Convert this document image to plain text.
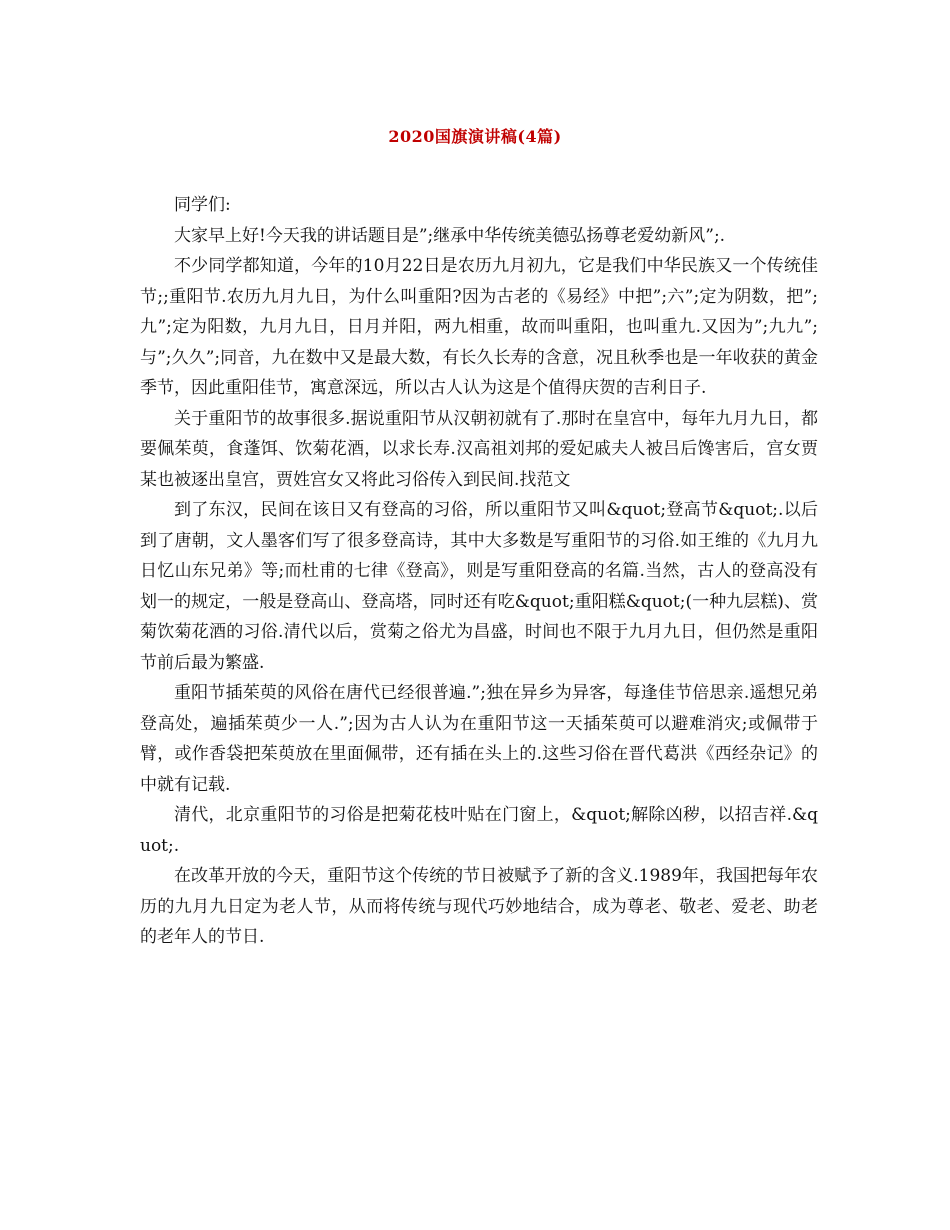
2020国旗演讲稿(4篇)

同学们:

大家早上好!今天我的讲话题目是”;继承中华传统美德弘扬尊老爱幼新风”;.

不少同学都知道，今年的10月22日是农历九月初九，它是我们中华民族又一个传统佳节;;重阳节.农历九月九日，为什么叫重阳?因为古老的《易经》中把”;六”;定为阴数，把”;九”;定为阳数，九月九日，日月并阳，两九相重，故而叫重阳，也叫重九.又因为”;九九”;与”;久久”;同音，九在数中又是最大数，有长久长寿的含意，况且秋季也是一年收获的黄金季节，因此重阳佳节，寓意深远，所以古人认为这是个值得庆贺的吉利日子.

关于重阳节的故事很多.据说重阳节从汉朝初就有了.那时在皇宫中，每年九月九日，都要佩茱萸，食蓬饵、饮菊花酒，以求长寿.汉高祖刘邦的爱妃戚夫人被吕后馋害后，宫女贾某也被逐出皇宫，贾姓宫女又将此习俗传入到民间.找范文

到了东汉，民间在该日又有登高的习俗，所以重阳节又叫&quot;登高节&quot;.以后到了唐朝，文人墨客们写了很多登高诗，其中大多数是写重阳节的习俗.如王维的《九月九日忆山东兄弟》等;而杜甫的七律《登高》，则是写重阳登高的名篇.当然，古人的登高没有划一的规定，一般是登高山、登高塔，同时还有吃&quot;重阳糕&quot;(一种九层糕)、赏菊饮菊花酒的习俗.清代以后，赏菊之俗尤为昌盛，时间也不限于九月九日，但仍然是重阳节前后最为繁盛.

重阳节插茱萸的风俗在唐代已经很普遍.”;独在异乡为异客，每逢佳节倍思亲.遥想兄弟登高处，遍插茱萸少一人.”;因为古人认为在重阳节这一天插茱萸可以避难消灾;或佩带于臂，或作香袋把茱萸放在里面佩带，还有插在头上的.这些习俗在晋代葛洪《西经杂记》的中就有记载.

清代，北京重阳节的习俗是把菊花枝叶贴在门窗上，&quot;解除凶秽，以招吉祥.&quot;.

在改革开放的今天，重阳节这个传统的节日被赋予了新的含义.1989年，我国把每年农历的九月九日定为老人节，从而将传统与现代巧妙地结合，成为尊老、敬老、爱老、助老的老年人的节日.
